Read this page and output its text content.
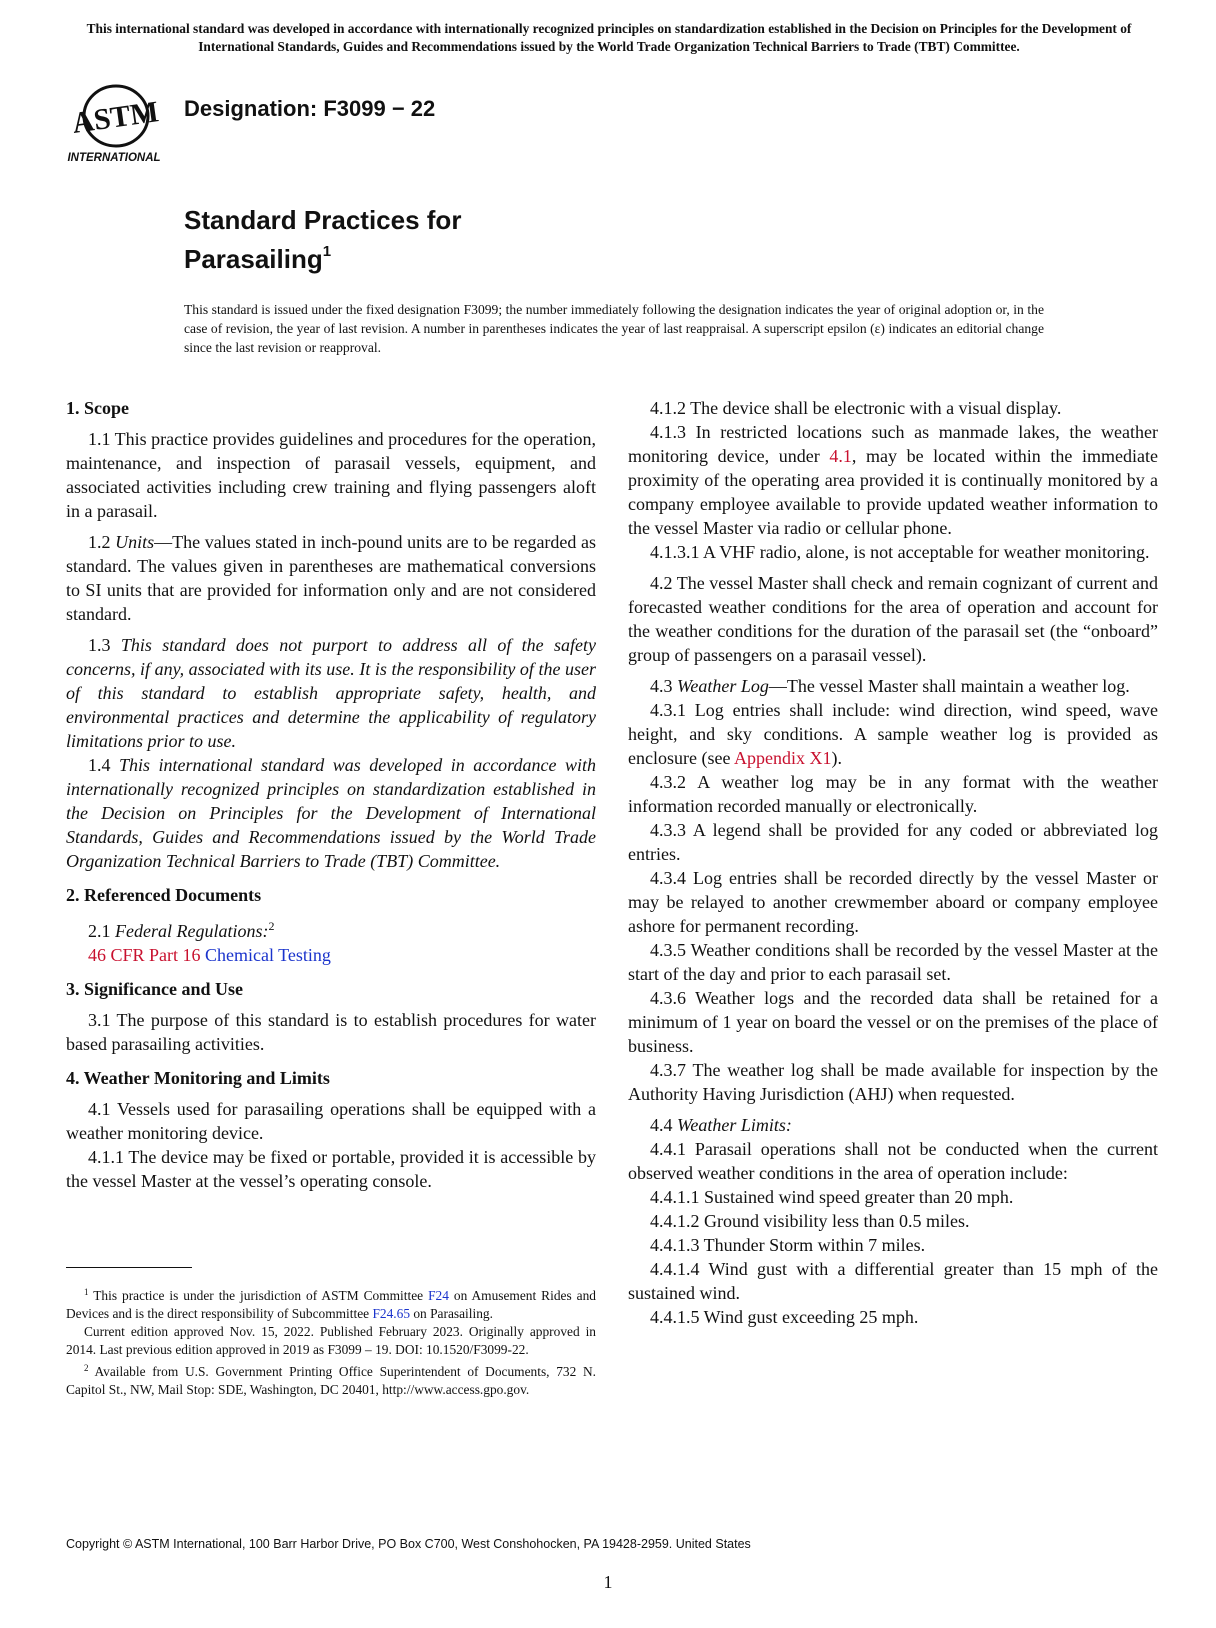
This international standard was developed in accordance with internationally recognized principles on standardization established in the Decision on Principles for the Development of International Standards, Guides and Recommendations issued by the World Trade Organization Technical Barriers to Trade (TBT) Committee.
ASTM
INTERNATIONAL
Designation: F3099 − 22
Standard Practices for
Parasailing$^1$
This standard is issued under the fixed designation F3099; the number immediately following the designation indicates the year of original adoption or, in the case of revision, the year of last revision. A number in parentheses indicates the year of last reappraisal. A superscript epsilon (ε) indicates an editorial change since the last revision or reapproval.
1. Scope

1.1 This practice provides guidelines and procedures for the operation, maintenance, and inspection of parasail vessels, equipment, and associated activities including crew training and flying passengers aloft in a parasail.

1.2 Units—The values stated in inch-pound units are to be regarded as standard. The values given in parentheses are mathematical conversions to SI units that are provided for information only and are not considered standard.

1.3 This standard does not purport to address all of the safety concerns, if any, associated with its use. It is the responsibility of the user of this standard to establish appropriate safety, health, and environmental practices and determine the applicability of regulatory limitations prior to use.

1.4 This international standard was developed in accordance with internationally recognized principles on standardization established in the Decision on Principles for the Development of International Standards, Guides and Recommendations issued by the World Trade Organization Technical Barriers to Trade (TBT) Committee.

2. Referenced Documents

2.1 Federal Regulations:$^2$

46 CFR Part 16 Chemical Testing

3. Significance and Use

3.1 The purpose of this standard is to establish procedures for water based parasailing activities.

4. Weather Monitoring and Limits

4.1 Vessels used for parasailing operations shall be equipped with a weather monitoring device.

4.1.1 The device may be fixed or portable, provided it is accessible by the vessel Master at the vessel’s operating console.

$^1$ This practice is under the jurisdiction of ASTM Committee F24 on Amusement Rides and Devices and is the direct responsibility of Subcommittee F24.65 on Parasailing.

Current edition approved Nov. 15, 2022. Published February 2023. Originally approved in 2014. Last previous edition approved in 2019 as F3099 – 19. DOI: 10.1520/F3099-22.

$^2$ Available from U.S. Government Printing Office Superintendent of Documents, 732 N. Capitol St., NW, Mail Stop: SDE, Washington, DC 20401, http://www.access.gpo.gov.

4.1.2 The device shall be electronic with a visual display.

4.1.3 In restricted locations such as manmade lakes, the weather monitoring device, under 4.1, may be located within the immediate proximity of the operating area provided it is continually monitored by a company employee available to provide updated weather information to the vessel Master via radio or cellular phone.

4.1.3.1 A VHF radio, alone, is not acceptable for weather monitoring.

4.2 The vessel Master shall check and remain cognizant of current and forecasted weather conditions for the area of operation and account for the weather conditions for the duration of the parasail set (the “onboard” group of passengers on a parasail vessel).

4.3 Weather Log—The vessel Master shall maintain a weather log.

4.3.1 Log entries shall include: wind direction, wind speed, wave height, and sky conditions. A sample weather log is provided as enclosure (see Appendix X1).

4.3.2 A weather log may be in any format with the weather information recorded manually or electronically.

4.3.3 A legend shall be provided for any coded or abbreviated log entries.

4.3.4 Log entries shall be recorded directly by the vessel Master or may be relayed to another crewmember aboard or company employee ashore for permanent recording.

4.3.5 Weather conditions shall be recorded by the vessel Master at the start of the day and prior to each parasail set.

4.3.6 Weather logs and the recorded data shall be retained for a minimum of 1 year on board the vessel or on the premises of the place of business.

4.3.7 The weather log shall be made available for inspection by the Authority Having Jurisdiction (AHJ) when requested.

4.4 Weather Limits:

4.4.1 Parasail operations shall not be conducted when the current observed weather conditions in the area of operation include:

4.4.1.1 Sustained wind speed greater than 20 mph.

4.4.1.2 Ground visibility less than 0.5 miles.

4.4.1.3 Thunder Storm within 7 miles.

4.4.1.4 Wind gust with a differential greater than 15 mph of the sustained wind.

4.4.1.5 Wind gust exceeding 25 mph.

Copyright © ASTM International, 100 Barr Harbor Drive, PO Box C700, West Conshohocken, PA 19428-2959. United States
1
